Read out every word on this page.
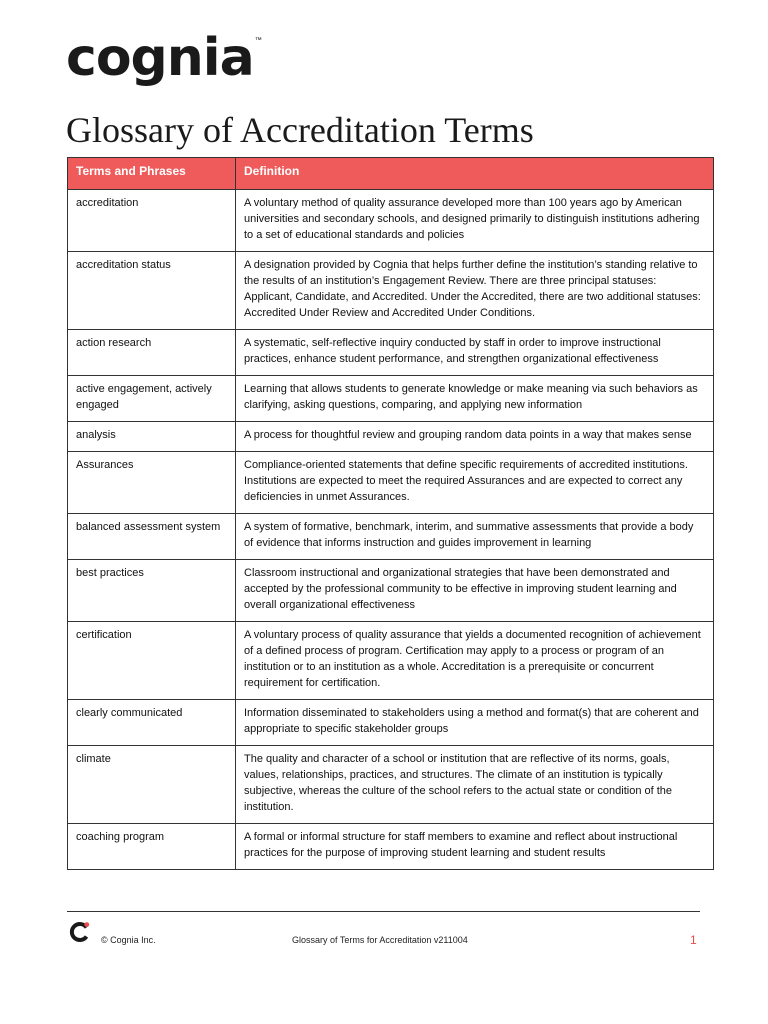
cognia ™
Glossary of Accreditation Terms
Terms and Phrases	Definition
accreditation	A voluntary method of quality assurance developed more than 100 years ago by American universities and secondary schools, and designed primarily to distinguish institutions adhering to a set of educational standards and policies
accreditation status	A designation provided by Cognia that helps further define the institution’s standing relative to the results of an institution’s Engagement Review. There are three principal statuses: Applicant, Candidate, and Accredited. Under the Accredited, there are two additional statuses: Accredited Under Review and Accredited Under Conditions.
action research	A systematic, self-reflective inquiry conducted by staff in order to improve instructional practices, enhance student performance, and strengthen organizational effectiveness
active engagement, actively engaged	Learning that allows students to generate knowledge or make meaning via such behaviors as clarifying, asking questions, comparing, and applying new information
analysis	A process for thoughtful review and grouping random data points in a way that makes sense
Assurances	Compliance-oriented statements that define specific requirements of accredited institutions. Institutions are expected to meet the required Assurances and are expected to correct any deficiencies in unmet Assurances.
balanced assessment system	A system of formative, benchmark, interim, and summative assessments that provide a body of evidence that informs instruction and guides improvement in learning
best practices	Classroom instructional and organizational strategies that have been demonstrated and accepted by the professional community to be effective in improving student learning and overall organizational effectiveness
certification	A voluntary process of quality assurance that yields a documented recognition of achievement of a defined process of program. Certification may apply to a process or program of an institution or to an institution as a whole. Accreditation is a prerequisite or concurrent requirement for certification.
clearly communicated	Information disseminated to stakeholders using a method and format(s) that are coherent and appropriate to specific stakeholder groups
climate	The quality and character of a school or institution that are reflective of its norms, goals, values, relationships, practices, and structures. The climate of an institution is typically subjective, whereas the culture of the school refers to the actual state or condition of the institution.
coaching program	A formal or informal structure for staff members to examine and reflect about instructional practices for the purpose of improving student learning and student results
© Cognia Inc.	Glossary of Terms for Accreditation v211004	1
